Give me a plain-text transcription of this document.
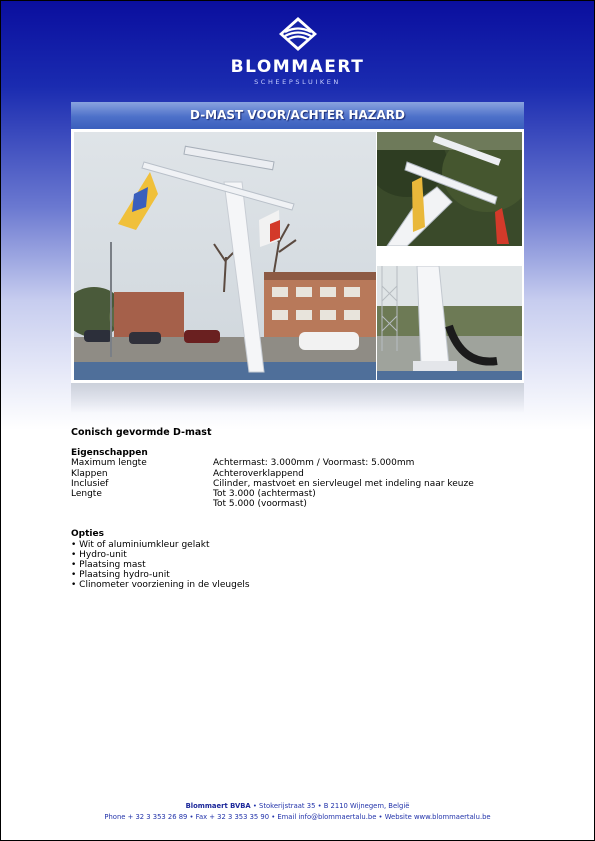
BLOMMAERT
SCHEEPSLUIKEN
D-MAST VOOR/ACHTER HAZARD

Conisch gevormde D-mast

Eigenschappen

Maximum lengte	Achtermast: 3.000mm / Voormast: 5.000mm
Klappen	Achteroverklappend
Inclusief	Cilinder, mastvoet en siervleugel met indeling naar keuze
Lengte	Tot 3.000 (achtermast)
	Tot 5.000 (voormast)

Opties

• Wit of aluminiumkleur gelakt
• Hydro-unit
• Plaatsing mast
• Plaatsing hydro-unit
• Clinometer voorziening in de vleugels
Blommaert BVBA • Stokerijstraat 35 • B 2110 Wijnegem, België
Phone + 32 3 353 26 89 • Fax + 32 3 353 35 90 • Email info@blommaertalu.be • Website www.blommaertalu.be
